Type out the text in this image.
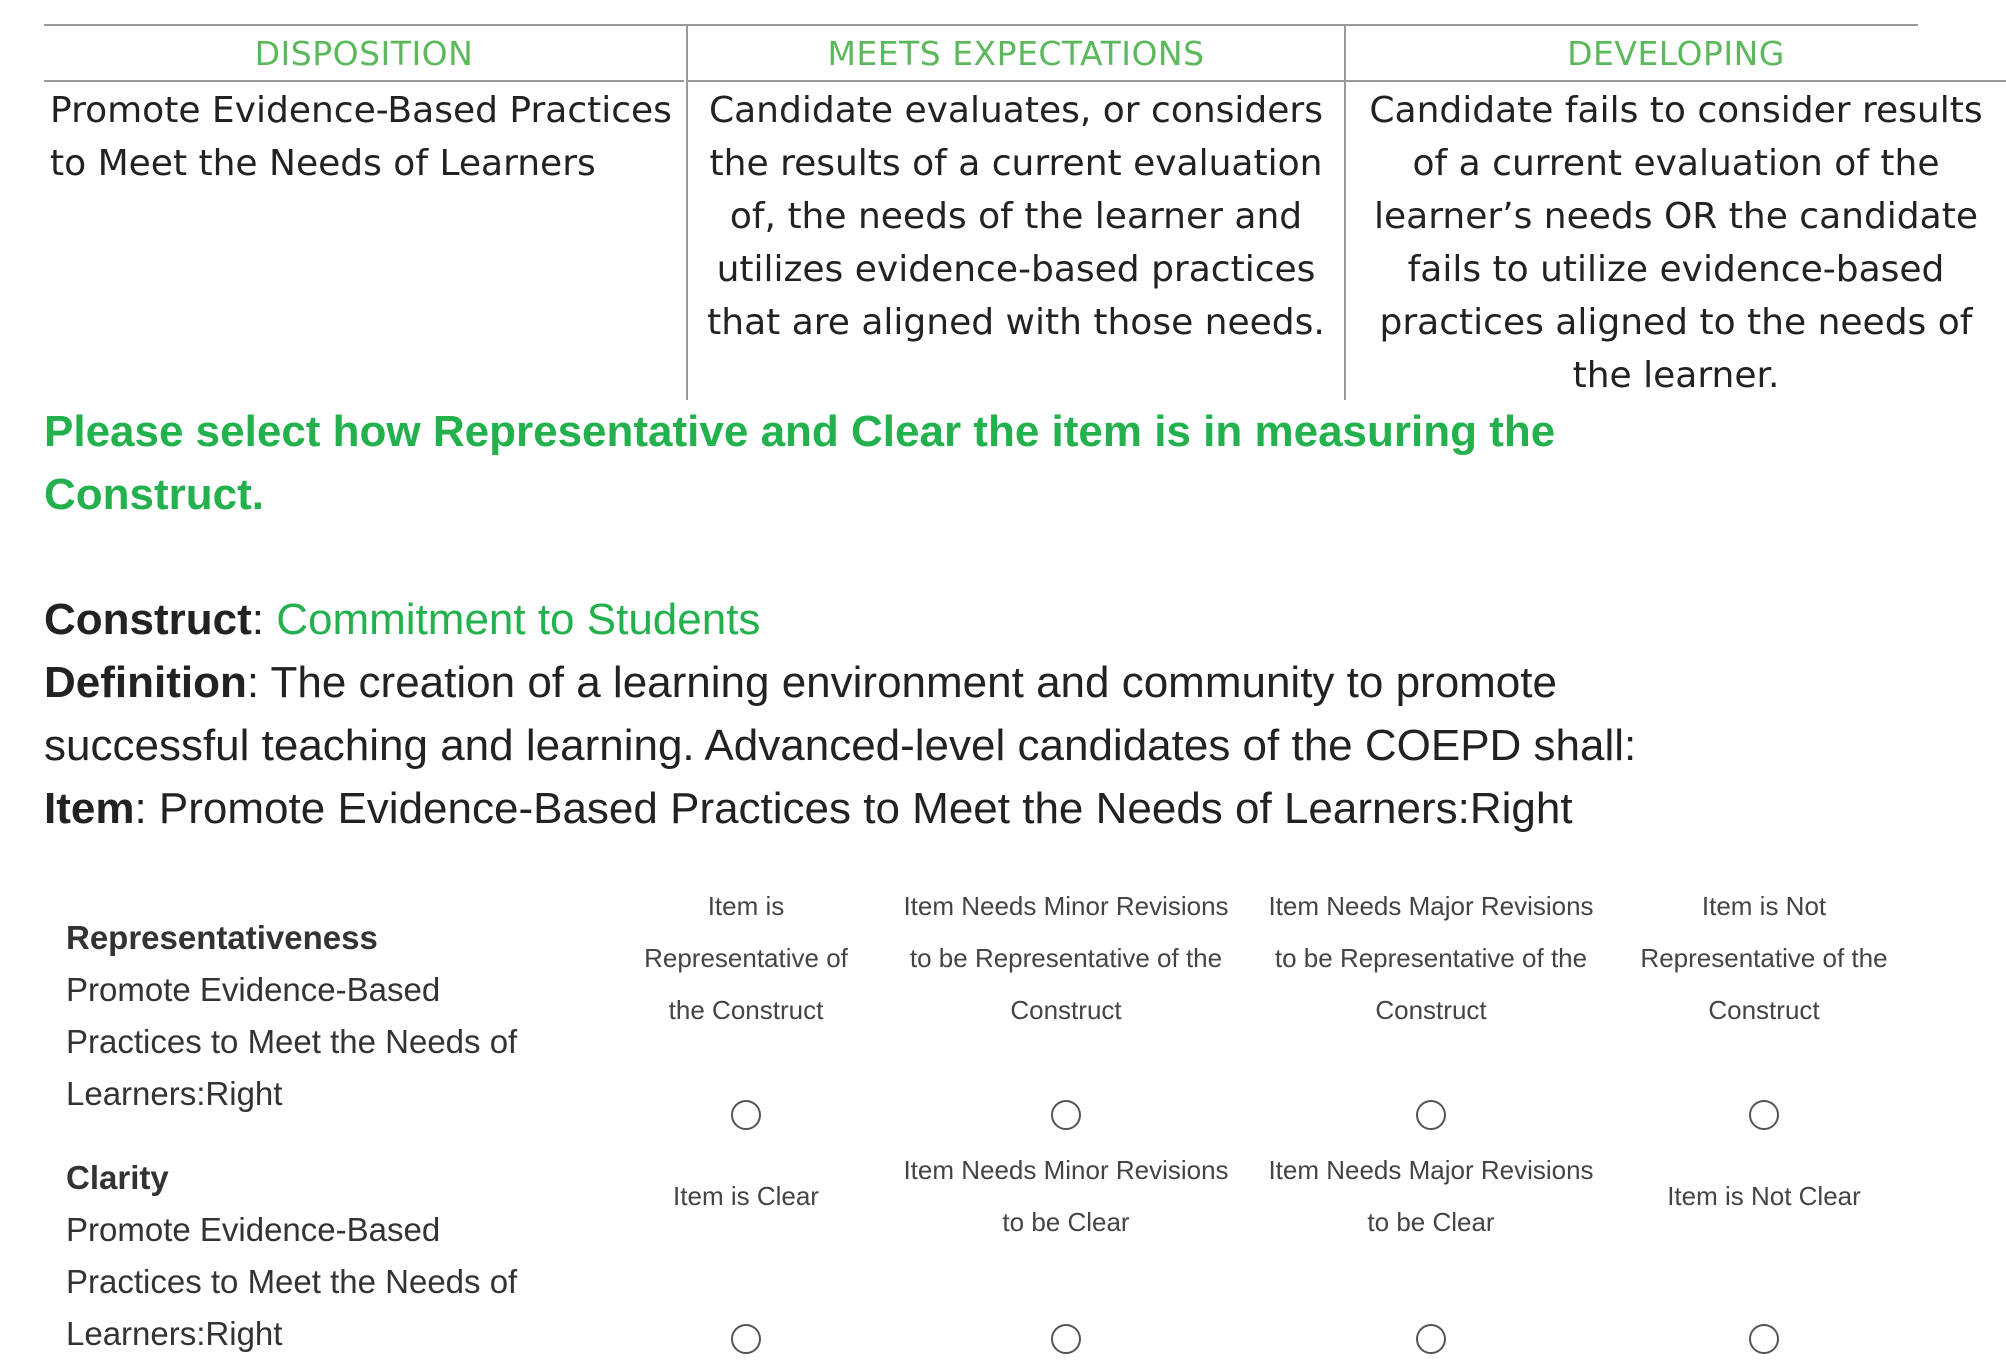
DISPOSITION
Promote Evidence-Based Practices
to Meet the Needs of Learners
MEETS EXPECTATIONS
Candidate evaluates, or considers
the results of a current evaluation
of, the needs of the learner and
utilizes evidence-based practices
that are aligned with those needs.
DEVELOPING
Candidate fails to consider results
of a current evaluation of the
learner’s needs OR the candidate
fails to utilize evidence-based
practices aligned to the needs of
the learner.
Please select how Representative and Clear the item is in measuring the
Construct.
Construct: Commitment to Students
Definition: The creation of a learning environment and community to promote
successful teaching and learning. Advanced-level candidates of the COEPD shall:
Item: Promote Evidence-Based Practices to Meet the Needs of Learners:Right
Representativeness
Promote Evidence-Based
Practices to Meet the Needs of
Learners:Right
Item is
Representative of
the Construct
Item Needs Minor Revisions
to be Representative of the
Construct
Item Needs Major Revisions
to be Representative of the
Construct
Item is Not
Representative of the
Construct
Clarity
Promote Evidence-Based
Practices to Meet the Needs of
Learners:Right
Item is Clear
Item Needs Minor Revisions
to be Clear
Item Needs Major Revisions
to be Clear
Item is Not Clear
